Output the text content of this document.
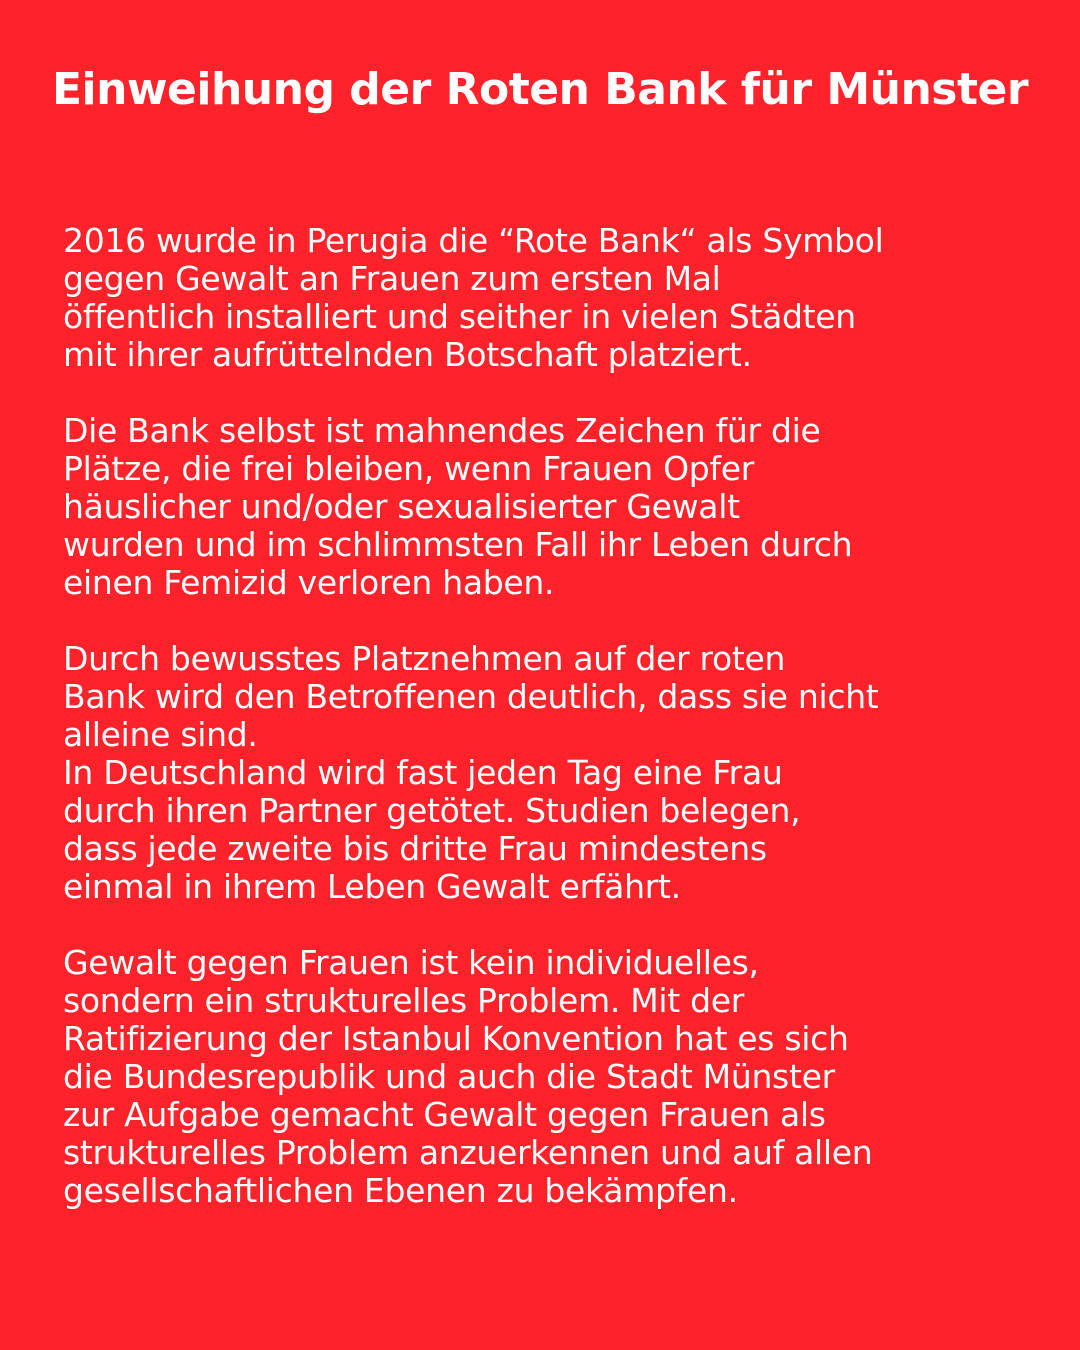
Einweihung der Roten Bank für Münster

2016 wurde in Perugia die “Rote Bank“ als Symbol
gegen Gewalt an Frauen zum ersten Mal
öffentlich installiert und seither in vielen Städten
mit ihrer aufrüttelnden Botschaft platziert.

Die Bank selbst ist mahnendes Zeichen für die
Plätze, die frei bleiben, wenn Frauen Opfer
häuslicher und/oder sexualisierter Gewalt
wurden und im schlimmsten Fall ihr Leben durch
einen Femizid verloren haben.

Durch bewusstes Platznehmen auf der roten
Bank wird den Betroffenen deutlich, dass sie nicht
alleine sind.

In Deutschland wird fast jeden Tag eine Frau
durch ihren Partner getötet. Studien belegen,
dass jede zweite bis dritte Frau mindestens
einmal in ihrem Leben Gewalt erfährt.

Gewalt gegen Frauen ist kein individuelles,
sondern ein strukturelles Problem. Mit der
Ratifizierung der Istanbul Konvention hat es sich
die Bundesrepublik und auch die Stadt Münster
zur Aufgabe gemacht Gewalt gegen Frauen als
strukturelles Problem anzuerkennen und auf allen
gesellschaftlichen Ebenen zu bekämpfen.
